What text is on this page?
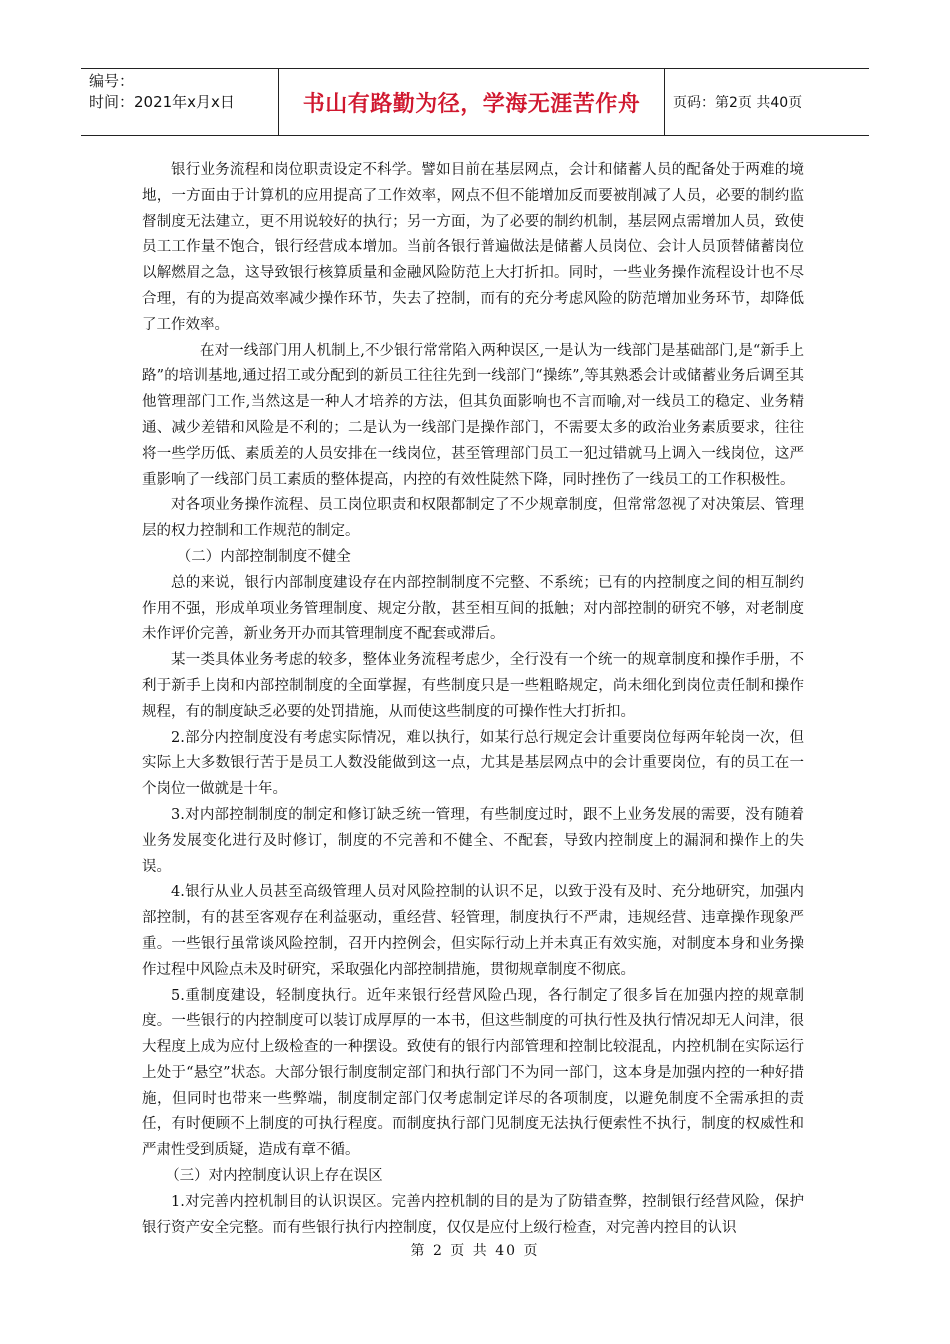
编号：
时间：2021年x月x日	书山有路勤为径，学海无涯苦作舟	页码：第2页 共40页

银行业务流程和岗位职责设定不科学。譬如目前在基层网点，会计和储蓄人员的配备处于两难的境地，一方面由于计算机的应用提高了工作效率，网点不但不能增加反而要被削减了人员，必要的制约监督制度无法建立，更不用说较好的执行；另一方面，为了必要的制约机制，基层网点需增加人员，致使员工工作量不饱合，银行经营成本增加。当前各银行普遍做法是储蓄人员岗位、会计人员顶替储蓄岗位以解燃眉之急，这导致银行核算质量和金融风险防范上大打折扣。同时，一些业务操作流程设计也不尽合理，有的为提高效率减少操作环节，失去了控制，而有的充分考虑风险的防范增加业务环节，却降低了工作效率。

在对一线部门用人机制上,不少银行常常陷入两种误区,一是认为一线部门是基础部门,是“新手上路”的培训基地,通过招工或分配到的新员工往往先到一线部门“操练”,等其熟悉会计或储蓄业务后调至其他管理部门工作,当然这是一种人才培养的方法，但其负面影响也不言而喻,对一线员工的稳定、业务精通、减少差错和风险是不利的；二是认为一线部门是操作部门，不需要太多的政治业务素质要求，往往将一些学历低、素质差的人员安排在一线岗位，甚至管理部门员工一犯过错就马上调入一线岗位，这严重影响了一线部门员工素质的整体提高，内控的有效性陡然下降，同时挫伤了一线员工的工作积极性。

对各项业务操作流程、员工岗位职责和权限都制定了不少规章制度，但常常忽视了对决策层、管理层的权力控制和工作规范的制定。

（二）内部控制制度不健全

总的来说，银行内部制度建设存在内部控制制度不完整、不系统；已有的内控制度之间的相互制约作用不强，形成单项业务管理制度、规定分散，甚至相互间的抵触；对内部控制的研究不够，对老制度未作评价完善，新业务开办而其管理制度不配套或滞后。

某一类具体业务考虑的较多，整体业务流程考虑少，全行没有一个统一的规章制度和操作手册，不利于新手上岗和内部控制制度的全面掌握，有些制度只是一些粗略规定，尚未细化到岗位责任制和操作规程，有的制度缺乏必要的处罚措施，从而使这些制度的可操作性大打折扣。

2.部分内控制度没有考虑实际情况，难以执行，如某行总行规定会计重要岗位每两年轮岗一次，但实际上大多数银行苦于是员工人数没能做到这一点，尤其是基层网点中的会计重要岗位，有的员工在一个岗位一做就是十年。

3.对内部控制制度的制定和修订缺乏统一管理，有些制度过时，跟不上业务发展的需要，没有随着业务发展变化进行及时修订，制度的不完善和不健全、不配套，导致内控制度上的漏洞和操作上的失误。

4.银行从业人员甚至高级管理人员对风险控制的认识不足，以致于没有及时、充分地研究，加强内部控制，有的甚至客观存在利益驱动，重经营、轻管理，制度执行不严肃，违规经营、违章操作现象严重。一些银行虽常谈风险控制，召开内控例会，但实际行动上并未真正有效实施，对制度本身和业务操作过程中风险点未及时研究，采取强化内部控制措施，贯彻规章制度不彻底。

5.重制度建设，轻制度执行。近年来银行经营风险凸现，各行制定了很多旨在加强内控的规章制度。一些银行的内控制度可以装订成厚厚的一本书，但这些制度的可执行性及执行情况却无人问津，很大程度上成为应付上级检查的一种摆设。致使有的银行内部管理和控制比较混乱，内控机制在实际运行上处于“悬空”状态。大部分银行制度制定部门和执行部门不为同一部门，这本身是加强内控的一种好措施，但同时也带来一些弊端，制度制定部门仅考虑制定详尽的各项制度，以避免制度不全需承担的责任，有时便顾不上制度的可执行程度。而制度执行部门见制度无法执行便索性不执行，制度的权威性和严肃性受到质疑，造成有章不循。

（三）对内控制度认识上存在误区

1.对完善内控机制目的认识误区。完善内控机制的目的是为了防错查弊，控制银行经营风险，保护银行资产安全完整。而有些银行执行内控制度，仅仅是应付上级行检查，对完善内控目的认识

第 2 页 共 40 页
